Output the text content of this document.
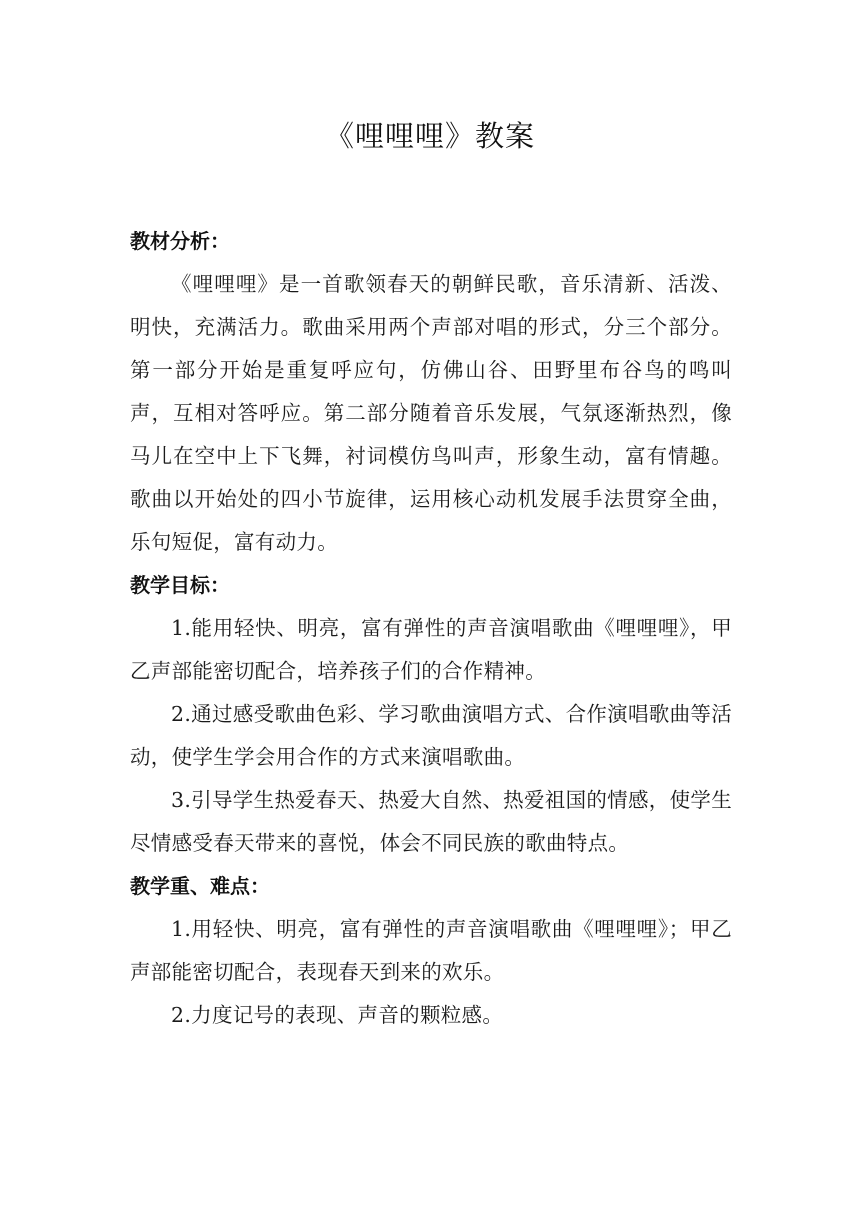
《哩哩哩》教案
教材分析：

《哩哩哩》是一首歌领春天的朝鲜民歌，音乐清新、活泼、明快，充满活力。歌曲采用两个声部对唱的形式，分三个部分。第一部分开始是重复呼应句，仿佛山谷、田野里布谷鸟的鸣叫声，互相对答呼应。第二部分随着音乐发展，气氛逐渐热烈，像马儿在空中上下飞舞，衬词模仿鸟叫声，形象生动，富有情趣。歌曲以开始处的四小节旋律，运用核心动机发展手法贯穿全曲，乐句短促，富有动力。

教学目标：

1.能用轻快、明亮，富有弹性的声音演唱歌曲《哩哩哩》，甲乙声部能密切配合，培养孩子们的合作精神。

2.通过感受歌曲色彩、学习歌曲演唱方式、合作演唱歌曲等活动，使学生学会用合作的方式来演唱歌曲。

3.引导学生热爱春天、热爱大自然、热爱祖国的情感，使学生尽情感受春天带来的喜悦，体会不同民族的歌曲特点。

教学重、难点：

1.用轻快、明亮，富有弹性的声音演唱歌曲《哩哩哩》；甲乙声部能密切配合，表现春天到来的欢乐。

2.力度记号的表现、声音的颗粒感。
